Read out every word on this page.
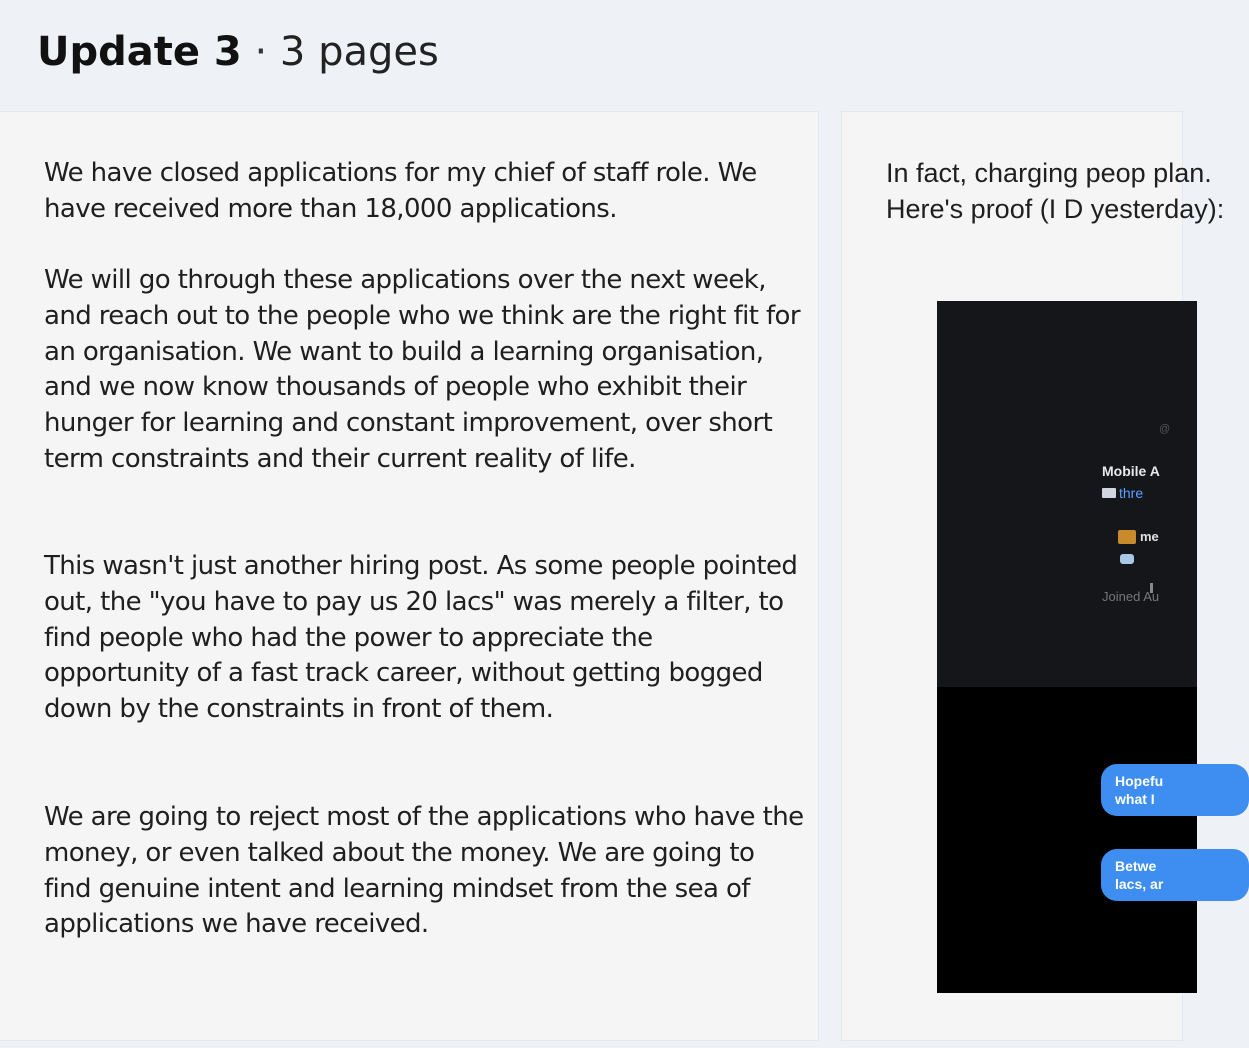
Update 3 · 3 pages

We have closed applications for my chief of staff role. We have received more than 18,000 applications.

We will go through these applications over the next week, and reach out to the people who we think are the right fit for an organisation. We want to build a learning organisation, and we now know thousands of people who exhibit their hunger for learning and constant improvement, over short term constraints and their current reality of life.

This wasn't just another hiring post. As some people pointed out, the "you have to pay us 20 lacs" was merely a filter, to find people who had the power to appreciate the opportunity of a fast track career, without getting bogged down by the constraints in front of them.

We are going to reject most of the applications who have the money, or even talked about the money. We are going to find genuine intent and learning mindset from the sea of applications we have received.

In fact, charging peop plan. Here's proof (I D yesterday):

@
Mobile A
thre
me
Joined Au
Hopefu
what I
Betwe
lacs, ar
